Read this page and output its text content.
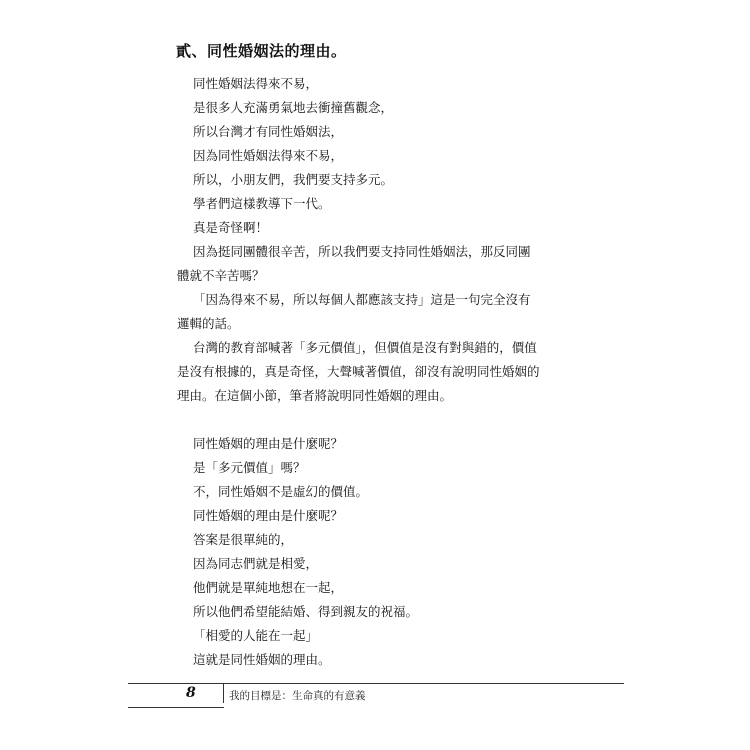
貳、同性婚姻法的理由。
同性婚姻法得來不易，
是很多人充滿勇氣地去衝撞舊觀念，
所以台灣才有同性婚姻法，
因為同性婚姻法得來不易，
所以，小朋友們，我們要支持多元。
學者們這樣教導下一代。
真是奇怪啊！
因為挺同團體很辛苦，所以我們要支持同性婚姻法，那反同團
體就不辛苦嗎？
「因為得來不易，所以每個人都應該支持」這是一句完全沒有
邏輯的話。
台灣的教育部喊著「多元價值」，但價值是沒有對與錯的，價值
是沒有根據的，真是奇怪，大聲喊著價值，卻沒有說明同性婚姻的
理由。在這個小節，筆者將說明同性婚姻的理由。
同性婚姻的理由是什麼呢？
是「多元價值」嗎？
不，同性婚姻不是虛幻的價值。
同性婚姻的理由是什麼呢？
答案是很單純的，
因為同志們就是相愛，
他們就是單純地想在一起，
所以他們希望能結婚、得到親友的祝福。
「相愛的人能在一起」
這就是同性婚姻的理由。
8	我的目標是：生命真的有意義
